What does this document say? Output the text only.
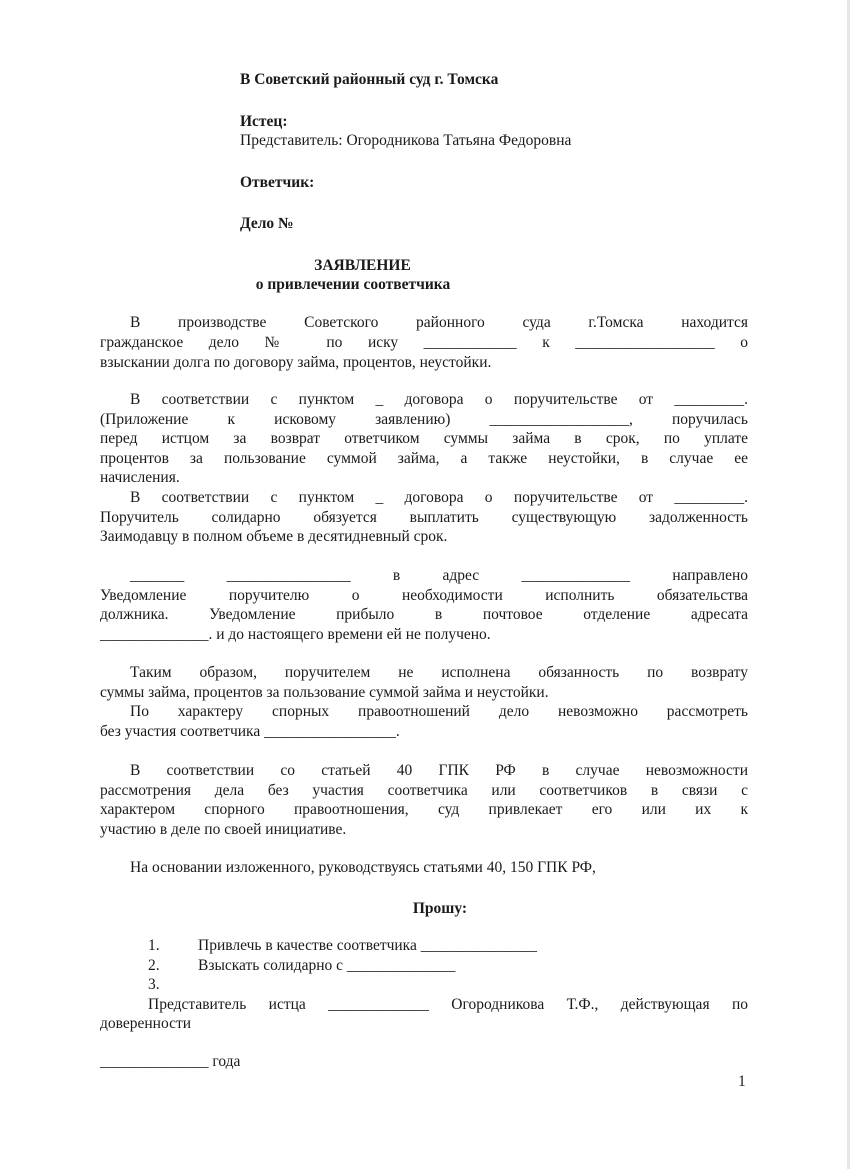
В Советский районный суд г. Томска
Истец:
Представитель: Огородникова Татьяна Федоровна
Ответчик:
Дело №
ЗАЯВЛЕНИЕ
о привлечении соответчика
В производстве Советского районного суда г.Томска находится
гражданское дело № по иску ____________ к __________________ о
взыскании долга по договору займа, процентов, неустойки.
В соответствии с пунктом _ договора о поручительстве от _________.
(Приложение к исковому заявлению) __________________, поручилась
перед истцом за возврат ответчиком суммы займа в срок, по уплате
процентов за пользование суммой займа, а также неустойки, в случае ее
начисления.
В соответствии с пунктом _ договора о поручительстве от _________.
Поручитель солидарно обязуется выплатить существующую задолженность
Заимодавцу в полном объеме в десятидневный срок.
_______ ________________ в адрес ______________ направлено
Уведомление поручителю о необходимости исполнить обязательства
должника. Уведомление прибыло в почтовое отделение адресата
______________. и до настоящего времени ей не получено.
Таким образом, поручителем не исполнена обязанность по возврату
суммы займа, процентов за пользование суммой займа и неустойки.
По характеру спорных правоотношений дело невозможно рассмотреть
без участия соответчика _________________.
В соответствии со статьей 40 ГПК РФ в случае невозможности
рассмотрения дела без участия соответчика или соответчиков в связи с
характером спорного правоотношения, суд привлекает его или их к
участию в деле по своей инициативе.
На основании изложенного, руководствуясь статьями 40, 150 ГПК РФ,
Прошу:
1. Привлечь в качестве соответчика _______________
2. Взыскать солидарно с ______________
3.
Представитель истца _____________ Огородникова Т.Ф., действующая по
доверенности
______________ года
1
